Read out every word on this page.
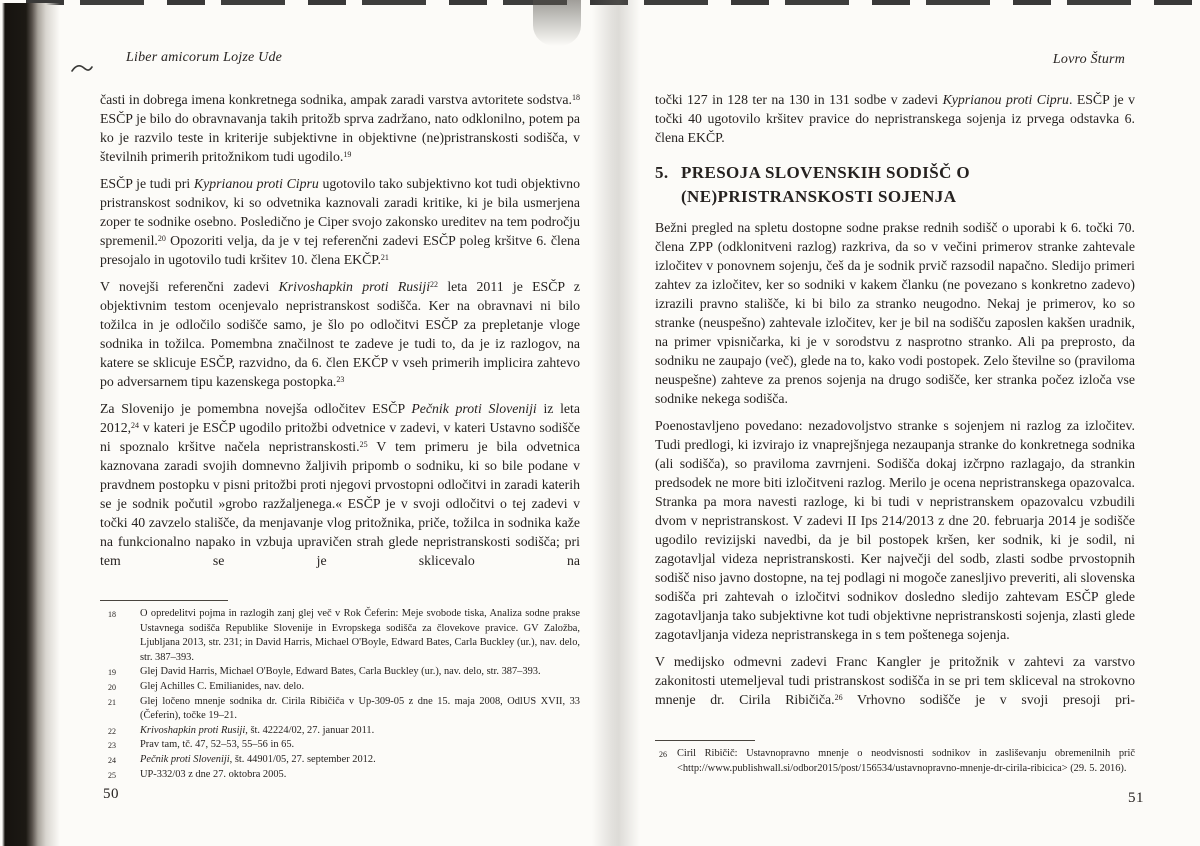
Liber amicorum Lojze Ude

časti in dobrega imena konkretnega sodnika, ampak zaradi varstva avtoritete sodstva.$^{18}$ ESČP je bilo do obravnavanja takih pritožb sprva zadržano, nato odklonilno, potem pa ko je razvilo teste in kriterije subjektivne in objektivne (ne)pristranskosti sodišča, v številnih primerih pritožnikom tudi ugodilo.$^{19}$

ESČP je tudi pri Kyprianou proti Cipru ugotovilo tako subjektivno kot tudi objektivno pristranskost sodnikov, ki so odvetnika kaznovali zaradi kritike, ki je bila usmerjena zoper te sodnike osebno. Posledično je Ciper svojo zakonsko ureditev na tem področju spremenil.$^{20}$ Opozoriti velja, da je v tej referenčni zadevi ESČP poleg kršitve 6. člena presojalo in ugotovilo tudi kršitev 10. člena EKČP.$^{21}$

V novejši referenčni zadevi Krivoshapkin proti Rusiji$^{22}$ leta 2011 je ESČP z objektivnim testom ocenjevalo nepristranskost sodišča. Ker na obravnavi ni bilo tožilca in je odločilo sodišče samo, je šlo po odločitvi ESČP za prepletanje vloge sodnika in tožilca. Pomembna značilnost te zadeve je tudi to, da je iz razlogov, na katere se sklicuje ESČP, razvidno, da 6. člen EKČP v vseh primerih implicira zahtevo po adversarnem tipu kazenskega postopka.$^{23}$

Za Slovenijo je pomembna novejša odločitev ESČP Pečnik proti Sloveniji iz leta 2012,24 v kateri je ESČP ugodilo pritožbi odvetnice v zadevi, v kateri Ustavno sodišče ni spoznalo kršitve načela nepristranskosti.$^{25}$ V tem primeru je bila odvetnica kaznovana zaradi svojih domnevno žaljivih pripomb o sodniku, ki so bile podane v pravdnem postopku v pisni pritožbi proti njegovi prvostopni odločitvi in zaradi katerih se je sodnik počutil »grobo razžaljenega.« ESČP je v svoji odločitvi o tej zadevi v točki 40 zavzelo stališče, da menjavanje vlog pritožnika, priče, tožilca in sodnika kaže na funkcionalno napako in vzbuja upravičen strah glede nepristranskosti sodišča; pri tem se je sklicevalo na

18	O opredelitvi pojma in razlogih zanj glej več v Rok Čeferin: Meje svobode tiska, Analiza sodne prakse Ustavnega sodišča Republike Slovenije in Evropskega sodišča za človekove pravice. GV Založba, Ljubljana 2013, str. 231; in David Harris, Michael O'Boyle, Edward Bates, Carla Buckley (ur.), nav. delo, str. 387–393.
19	Glej David Harris, Michael O'Boyle, Edward Bates, Carla Buckley (ur.), nav. delo, str. 387–393.
20	Glej Achilles C. Emilianides, nav. delo.
21	Glej ločeno mnenje sodnika dr. Cirila Ribičiča v Up-309-05 z dne 15. maja 2008, OdlUS XVII, 33 (Čeferin), točke 19–21.
22	Krivoshapkin proti Rusiji, št. 42224/02, 27. januar 2011.
23	Prav tam, tč. 47, 52–53, 55–56 in 65.
24	Pečnik proti Sloveniji, št. 44901/05, 27. september 2012.
25	UP-332/03 z dne 27. oktobra 2005.
Lovro Šturm

točki 127 in 128 ter na 130 in 131 sodbe v zadevi Kyprianou proti Cipru. ESČP je v točki 40 ugotovilo kršitev pravice do nepristranskega sojenja iz prvega odstavka 6. člena EKČP.

5. PRESOJA SLOVENSKIH SODIŠČ O (NE)PRISTRANSKOSTI SOJENJA

Bežni pregled na spletu dostopne sodne prakse rednih sodišč o uporabi k 6. točki 70. člena ZPP (odklonitveni razlog) razkriva, da so v večini primerov stranke zahtevale izločitev v ponovnem sojenju, češ da je sodnik prvič razsodil napačno. Sledijo primeri zahtev za izločitev, ker so sodniki v kakem članku (ne povezano s konkretno zadevo) izrazili pravno stališče, ki bi bilo za stranko neugodno. Nekaj je primerov, ko so stranke (neuspešno) zahtevale izločitev, ker je bil na sodišču zaposlen kakšen uradnik, na primer vpisničarka, ki je v sorodstvu z nasprotno stranko. Ali pa preprosto, da sodniku ne zaupajo (več), glede na to, kako vodi postopek. Zelo številne so (praviloma neuspešne) zahteve za prenos sojenja na drugo sodišče, ker stranka počez izloča vse sodnike nekega sodišča.

Poenostavljeno povedano: nezadovoljstvo stranke s sojenjem ni razlog za izločitev. Tudi predlogi, ki izvirajo iz vnaprejšnjega nezaupanja stranke do konkretnega sodnika (ali sodišča), so praviloma zavrnjeni. Sodišča dokaj izčrpno razlagajo, da strankin predsodek ne more biti izločitveni razlog. Merilo je ocena nepristranskega opazovalca. Stranka pa mora navesti razloge, ki bi tudi v nepristranskem opazovalcu vzbudili dvom v nepristranskost. V zadevi II Ips 214/2013 z dne 20. februarja 2014 je sodišče ugodilo revizijski navedbi, da je bil postopek kršen, ker sodnik, ki je sodil, ni zagotavljal videza nepristranskosti. Ker največji del sodb, zlasti sodbe prvostopnih sodišč niso javno dostopne, na tej podlagi ni mogoče zanesljivo preveriti, ali slovenska sodišča pri zahtevah o izločitvi sodnikov dosledno sledijo zahtevam ESČP glede zagotavljanja tako subjektivne kot tudi objektivne nepristranskosti sojenja, zlasti glede zagotavljanja videza nepristranskega in s tem poštenega sojenja.

V medijsko odmevni zadevi Franc Kangler je pritožnik v zahtevi za varstvo zakonitosti utemeljeval tudi pristranskost sodišča in se pri tem skliceval na strokovno mnenje dr. Cirila Ribičiča.$^{26}$ Vrhovno sodišče je v svoji presoji pri-

26 Ciril Ribičič: Ustavnopravno mnenje o neodvisnosti sodnikov in zasliševanju obremenilnih prič <http://www.publishwall.si/odbor2015/post/156534/ustavnopravno-mnenje-dr-cirila-ribicica> (29. 5. 2016).
50	51
